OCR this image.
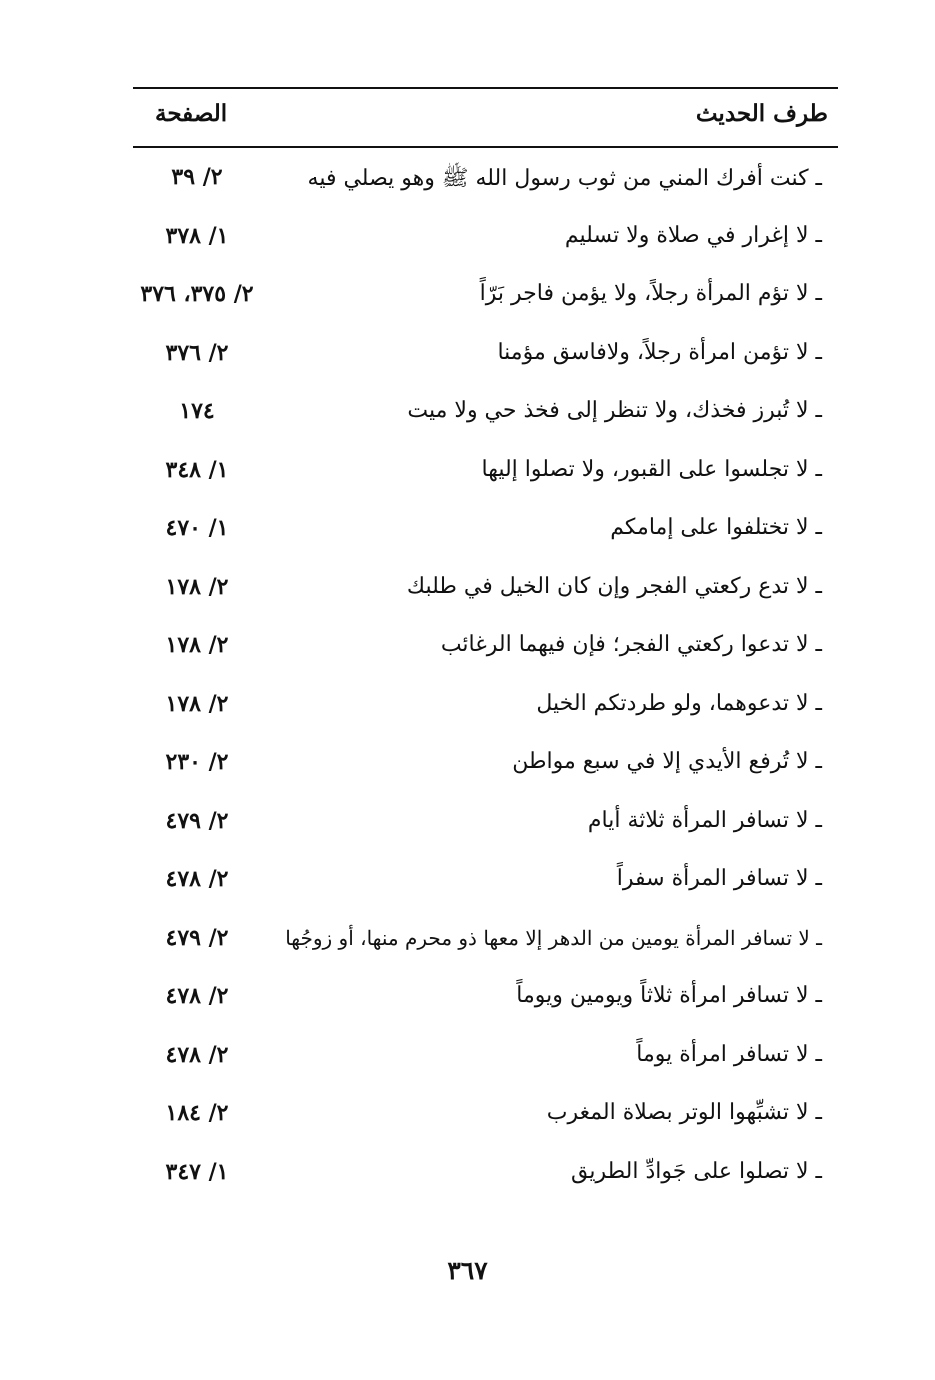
طرف الحديث
الصفحة
ـ كنت أفرك المني من ثوب رسول الله ﷺ وهو يصلي فيه
٢/ ٣٩
ـ لا إغرار في صلاة ولا تسليم
١/ ٣٧٨
ـ لا تؤم المرأة رجلاً، ولا يؤمن فاجر بَرّاً
٢/ ٣٧٥، ٣٧٦
ـ لا تؤمن امرأة رجلاً، ولافاسق مؤمنا
٢/ ٣٧٦
ـ لا تُبرز فخذك، ولا تنظر إلى فخذ حي ولا ميت
١٧٤
ـ لا تجلسوا على القبور، ولا تصلوا إليها
١/ ٣٤٨
ـ لا تختلفوا على إمامكم
١/ ٤٧٠
ـ لا تدع ركعتي الفجر وإن كان الخيل في طلبك
٢/ ١٧٨
ـ لا تدعوا ركعتي الفجر؛ فإن فيهما الرغائب
٢/ ١٧٨
ـ لا تدعوهما، ولو طردتكم الخيل
٢/ ١٧٨
ـ لا تُرفع الأيدي إلا في سبع مواطن
٢/ ٢٣٠
ـ لا تسافر المرأة ثلاثة أيام
٢/ ٤٧٩
ـ لا تسافر المرأة سفراً
٢/ ٤٧٨
ـ لا تسافر المرأة يومين من الدهر إلا معها ذو محرم منها، أو زوجُها
٢/ ٤٧٩
ـ لا تسافر امرأة ثلاثاً ويومين ويوماً
٢/ ٤٧٨
ـ لا تسافر امرأة يوماً
٢/ ٤٧٨
ـ لا تشبِّهوا الوتر بصلاة المغرب
٢/ ١٨٤
ـ لا تصلوا على جَوادِّ الطريق
١/ ٣٤٧
٣٦٧
